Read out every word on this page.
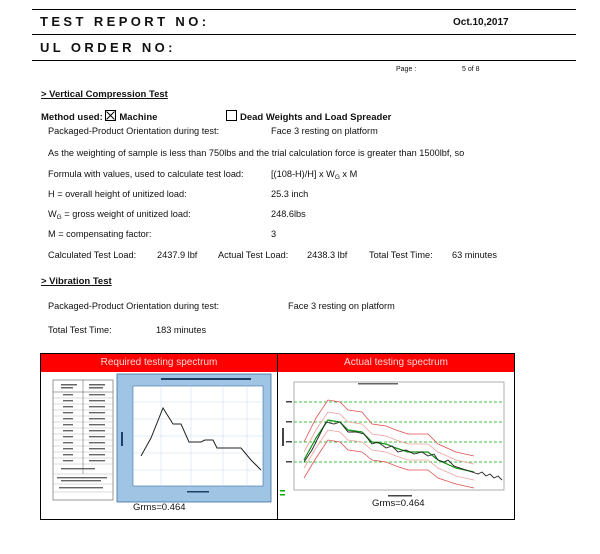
TEST REPORT NO:	Oct.10,2017
UL ORDER NO:
Page :	5 of 8
> Vertical Compression Test
Method used: Machine	Dead Weights and Load Spreader
Packaged-Product Orientation during test:	Face 3 resting on platform
As the weighting of sample is less than 750lbs and the trial calculation force is greater than 1500lbf, so
Formula with values, used to calculate test load:	[(108-H)/H] x $W_G$ x M
H = overall height of unitized load:	25.3 inch
$W_G$ = gross weight of unitized load:	248.6lbs
M = compensating factor:	3
Calculated Test Load: 2437.9 lbf Actual Test Load: 2438.3 lbf Total Test Time: 63 minutes
> Vibration Test
Packaged-Product Orientation during test:	Face 3 resting on platform
Total Test Time:	183 minutes
Required testing spectrum	Actual testing spectrum
Grms=0.464	Grms=0.464
